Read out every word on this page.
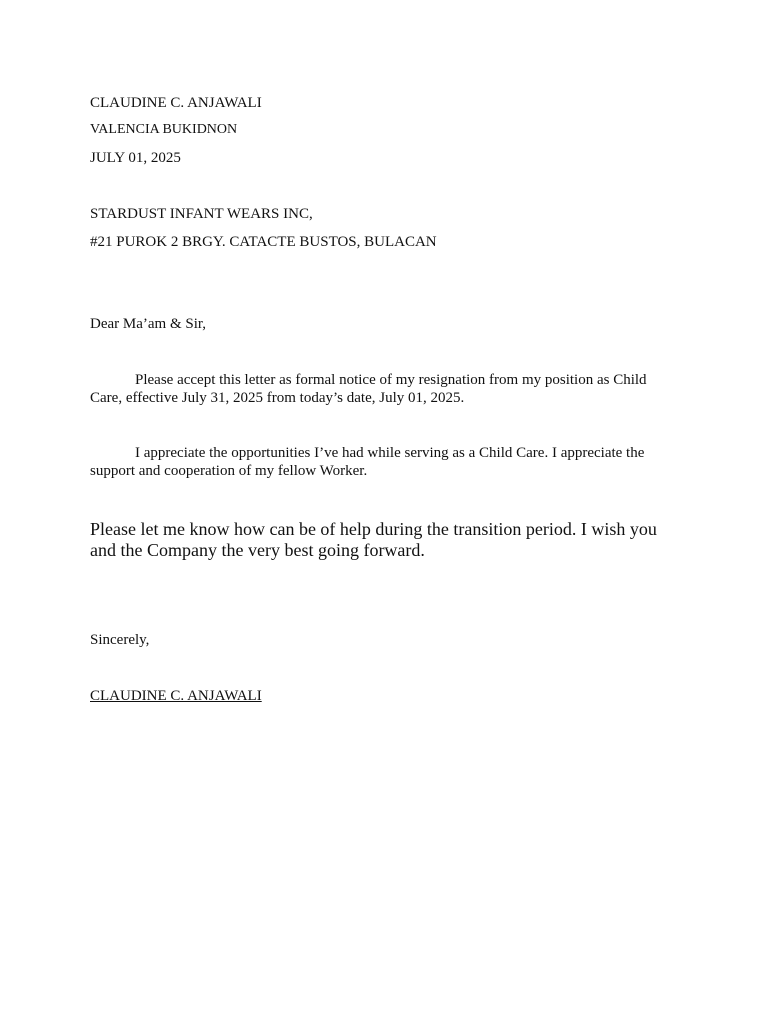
CLAUDINE C. ANJAWALI

VALENCIA BUKIDNON

JULY 01, 2025

STARDUST INFANT WEARS INC,

#21 PUROK 2 BRGY. CATACTE BUSTOS, BULACAN

Dear Ma’am & Sir,

Please accept this letter as formal notice of my resignation from my position as Child Care, effective July 31, 2025 from today’s date, July 01, 2025.

I appreciate the opportunities I’ve had while serving as a Child Care. I appreciate the support and cooperation of my fellow Worker.

Please let me know how can be of help during the transition period. I wish you and the Company the very best going forward.

Sincerely,

CLAUDINE C. ANJAWALI
